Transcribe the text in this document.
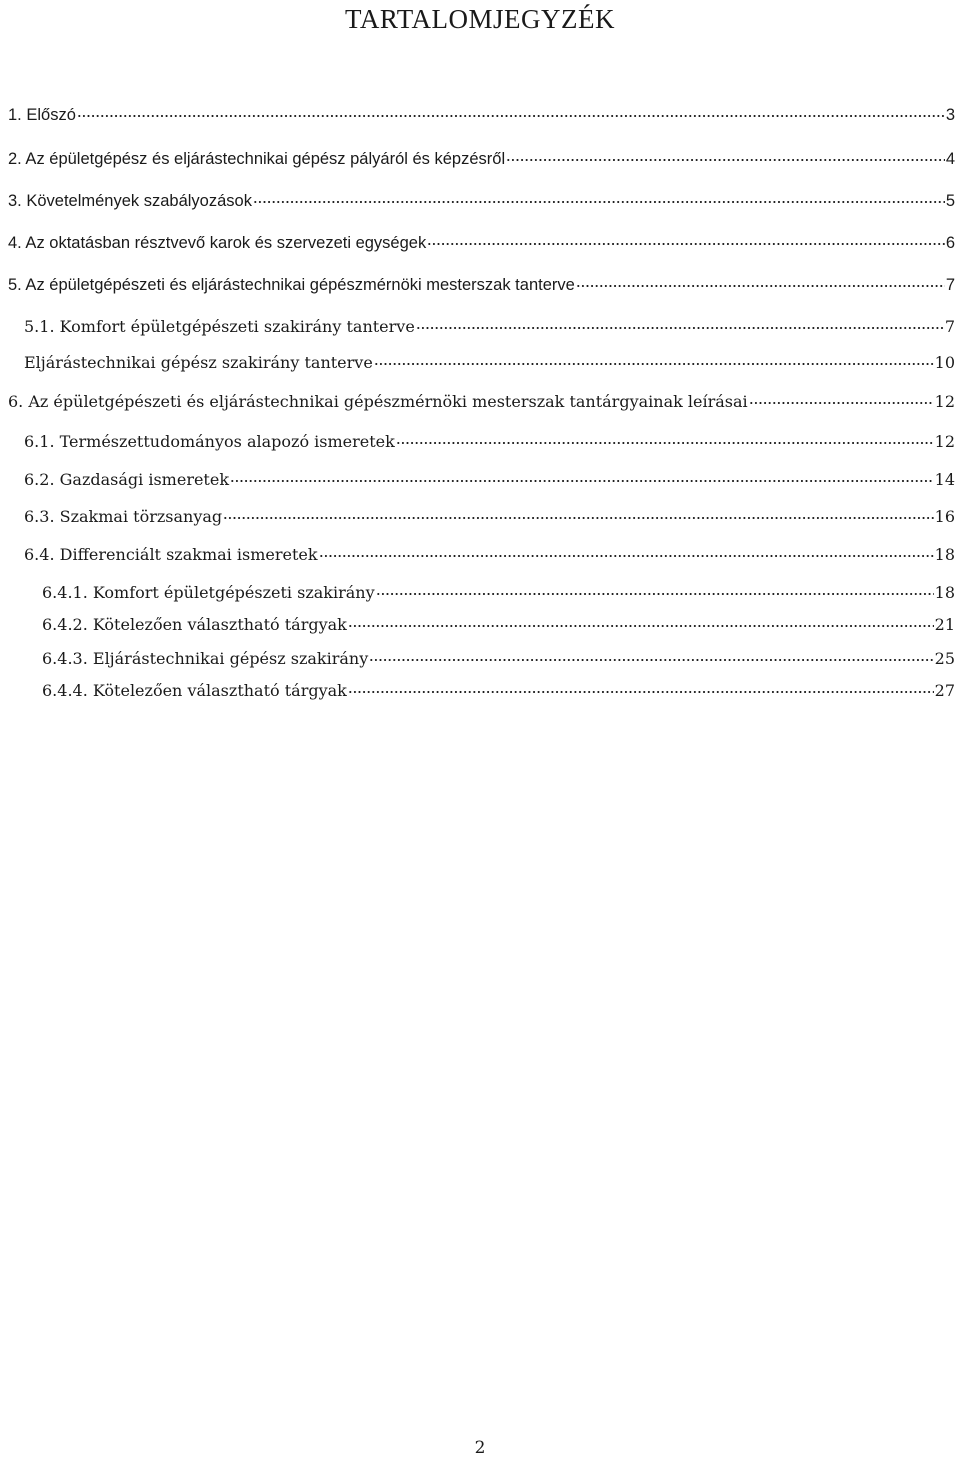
TARTALOMJEGYZÉK
1. Előszó	3
2. Az épületgépész és eljárástechnikai gépész pályáról és képzésről	4
3. Követelmények szabályozások	5
4. Az oktatásban résztvevő karok és szervezeti egységek	6
5. Az épületgépészeti és eljárástechnikai gépészmérnöki mesterszak tanterve	7
5.1. Komfort épületgépészeti szakirány tanterve	7
Eljárástechnikai gépész szakirány tanterve	10
6. Az épületgépészeti és eljárástechnikai gépészmérnöki mesterszak tantárgyainak leírásai	12
6.1. Természettudományos alapozó ismeretek	12
6.2. Gazdasági ismeretek	14
6.3. Szakmai törzsanyag	16
6.4. Differenciált szakmai ismeretek	18
6.4.1. Komfort épületgépészeti szakirány	18
6.4.2. Kötelezően választható tárgyak	21
6.4.3. Eljárástechnikai gépész szakirány	25
6.4.4. Kötelezően választható tárgyak	27
2
